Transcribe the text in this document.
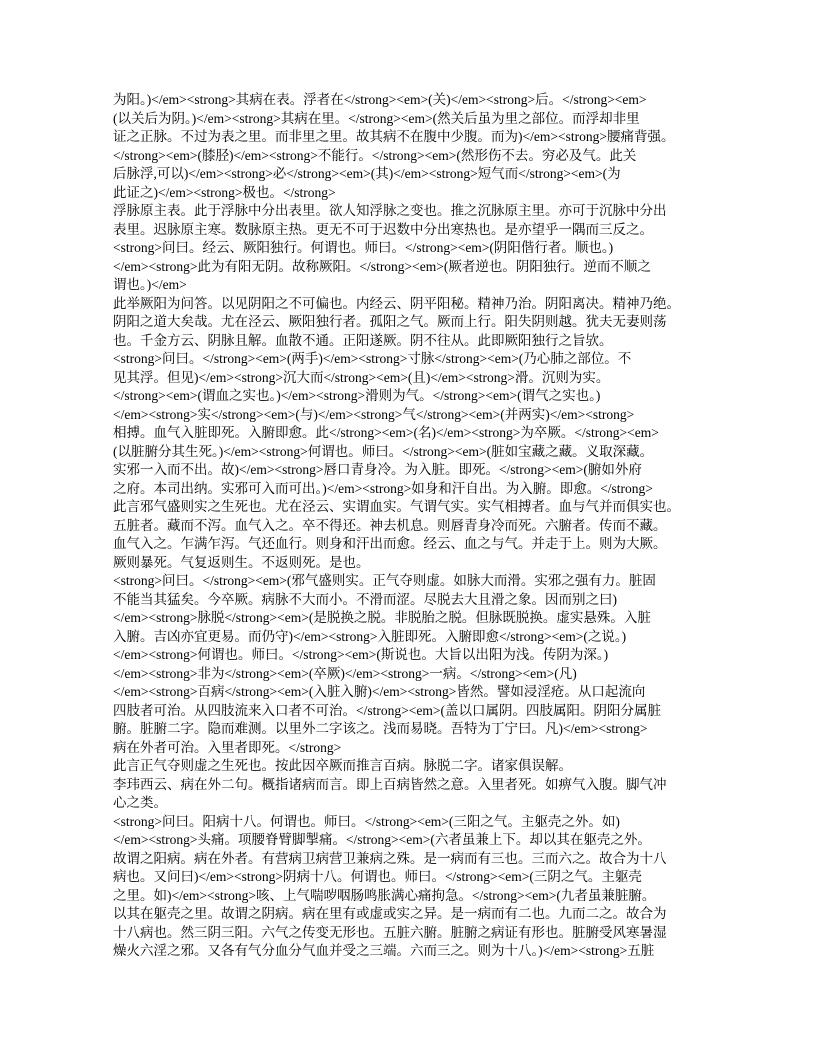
为阳。)</em><strong>其病在表。浮者在</strong><em>(关)</em><strong>后。</strong><em>
(以关后为阴。)</em><strong>其病在里。</strong><em>(然关后虽为里之部位。而浮却非里
证之正脉。不过为表之里。而非里之里。故其病不在腹中少腹。而为)</em><strong>腰痛背强。
</strong><em>(膝胫)</em><strong>不能行。</strong><em>(然形伤不去。穷必及气。此关
后脉浮,可以)</em><strong>必</strong><em>(其)</em><strong>短气而</strong><em>(为
此证之)</em><strong>极也。</strong>
浮脉原主表。此于浮脉中分出表里。欲人知浮脉之变也。推之沉脉原主里。亦可于沉脉中分出
表里。迟脉原主寒。数脉原主热。更无不可于迟数中分出寒热也。是亦望乎一隅而三反之。
<strong>问曰。经云、厥阳独行。何谓也。师曰。</strong><em>(阴阳偕行者。顺也。)
</em><strong>此为有阳无阴。故称厥阳。</strong><em>(厥者逆也。阴阳独行。逆而不顺之
谓也。)</em>
此举厥阳为问答。以见阴阳之不可偏也。内经云、阴平阳秘。精神乃治。阴阳离决。精神乃绝。
阴阳之道大矣哉。尤在泾云、厥阳独行者。孤阳之气。厥而上行。阳失阴则越。犹夫无妻则荡
也。千金方云、阴脉且解。血散不通。正阳遂厥。阴不往从。此即厥阳独行之旨欤。
<strong>问曰。</strong><em>(两手)</em><strong>寸脉</strong><em>(乃心肺之部位。不
见其浮。但见)</em><strong>沉大而</strong><em>(且)</em><strong>滑。沉则为实。
</strong><em>(谓血之实也。)</em><strong>滑则为气。</strong><em>(谓气之实也。)
</em><strong>实</strong><em>(与)</em><strong>气</strong><em>(并两实)</em><strong>
相搏。血气入脏即死。入腑即愈。此</strong><em>(名)</em><strong>为卒厥。</strong><em>
(以脏腑分其生死。)</em><strong>何谓也。师曰。</strong><em>(脏如宝藏之藏。义取深藏。
实邪一入而不出。故)</em><strong>唇口青身冷。为入脏。即死。</strong><em>(腑如外府
之府。本司出纳。实邪可入而可出。)</em><strong>如身和汗自出。为入腑。即愈。</strong>
此言邪气盛则实之生死也。尤在泾云、实谓血实。气谓气实。实气相搏者。血与气并而俱实也。
五脏者。藏而不泻。血气入之。卒不得还。神去机息。则唇青身冷而死。六腑者。传而不藏。
血气入之。乍满乍泻。气还血行。则身和汗出而愈。经云、血之与气。并走于上。则为大厥。
厥则暴死。气复返则生。不返则死。是也。
<strong>问曰。</strong><em>(邪气盛则实。正气夺则虚。如脉大而滑。实邪之强有力。脏固
不能当其猛矣。今卒厥。病脉不大而小。不滑而涩。尽脱去大且滑之象。因而别之曰)
</em><strong>脉脱</strong><em>(是脱换之脱。非脱胎之脱。但脉既脱换。虚实悬殊。入脏
入腑。吉凶亦宜更易。而仍守)</em><strong>入脏即死。入腑即愈</strong><em>(之说。)
</em><strong>何谓也。师曰。</strong><em>(斯说也。大旨以出阳为浅。传阴为深。)
</em><strong>非为</strong><em>(卒厥)</em><strong>一病。</strong><em>(凡)
</em><strong>百病</strong><em>(入脏入腑)</em><strong>皆然。譬如浸淫疮。从口起流向
四肢者可治。从四肢流来入口者不可治。</strong><em>(盖以口属阴。四肢属阳。阴阳分属脏
腑。脏腑二字。隐而难测。以里外二字该之。浅而易晓。吾特为丁宁曰。凡)</em><strong>
病在外者可治。入里者即死。</strong>
此言正气夺则虚之生死也。按此因卒厥而推言百病。脉脱二字。诸家俱误解。
李玮西云、病在外二句。概指诸病而言。即上百病皆然之意。入里者死。如痹气入腹。脚气冲
心之类。
<strong>问曰。阳病十八。何谓也。师曰。</strong><em>(三阳之气。主躯壳之外。如)
</em><strong>头痛。项腰脊臂脚掣痛。</strong><em>(六者虽兼上下。却以其在躯壳之外。
故谓之阳病。病在外者。有营病卫病营卫兼病之殊。是一病而有三也。三而六之。故合为十八
病也。又问曰)</em><strong>阴病十八。何谓也。师曰。</strong><em>(三阴之气。主躯壳
之里。如)</em><strong>咳、上气喘哕咽肠鸣胀满心痛拘急。</strong><em>(九者虽兼脏腑。
以其在躯壳之里。故谓之阴病。病在里有或虚或实之异。是一病而有二也。九而二之。故合为
十八病也。然三阴三阳。六气之传变无形也。五脏六腑。脏腑之病证有形也。脏腑受风寒暑湿
燥火六淫之邪。又各有气分血分气血并受之三端。六而三之。则为十八。)</em><strong>五脏
